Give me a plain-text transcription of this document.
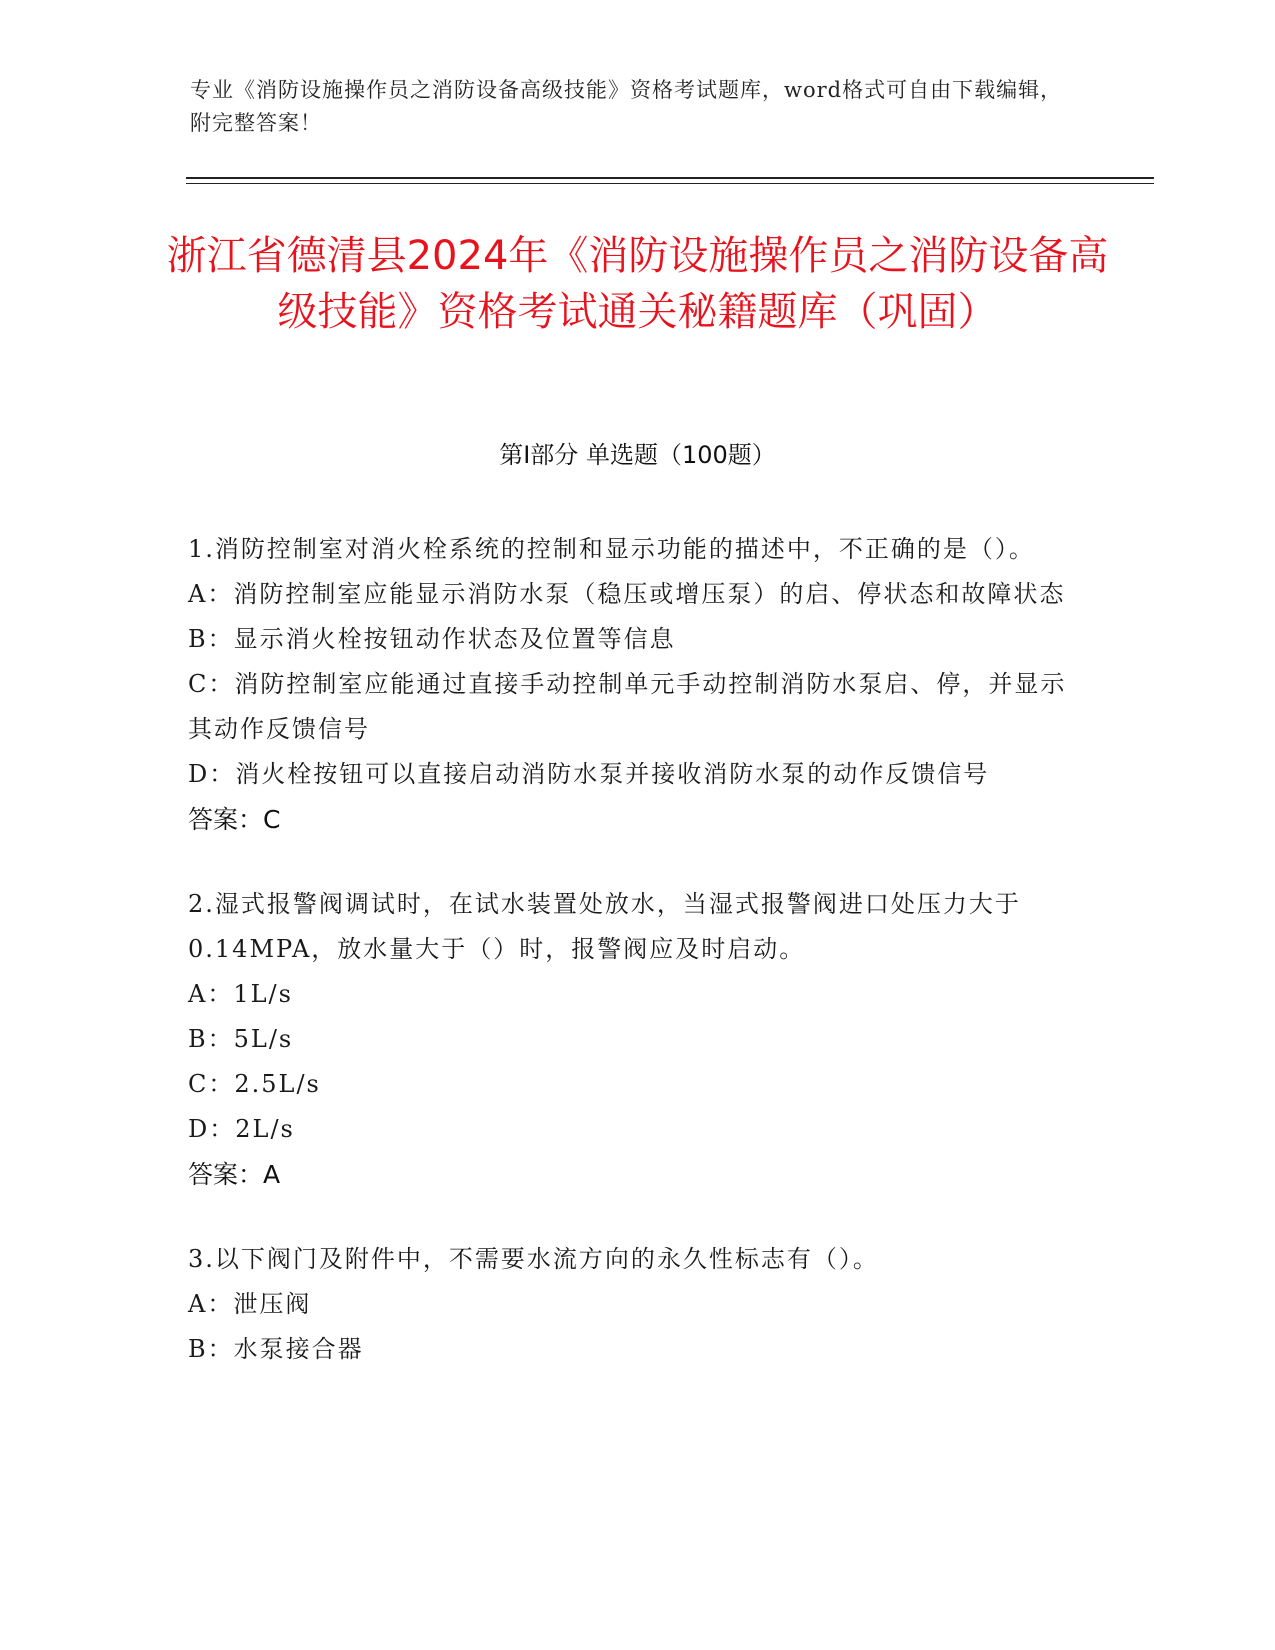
专业《消防设施操作员之消防设备高级技能》资格考试题库，word格式可自由下载编辑，附完整答案！
浙江省德清县2024年《消防设施操作员之消防设备高级技能》资格考试通关秘籍题库（巩固）
第Ⅰ部分 单选题（100题）

1.消防控制室对消火栓系统的控制和显示功能的描述中，不正确的是（）。

A：消防控制室应能显示消防水泵（稳压或增压泵）的启、停状态和故障状态

B：显示消火栓按钮动作状态及位置等信息

C：消防控制室应能通过直接手动控制单元手动控制消防水泵启、停，并显示其动作反馈信号

D：消火栓按钮可以直接启动消防水泵并接收消防水泵的动作反馈信号

答案：C

2.湿式报警阀调试时，在试水装置处放水，当湿式报警阀进口处压力大于0.14MPA，放水量大于（）时，报警阀应及时启动。

A：1L/s

B：5L/s

C：2.5L/s

D：2L/s

答案：A

3.以下阀门及附件中，不需要水流方向的永久性标志有（）。

A：泄压阀

B：水泵接合器
